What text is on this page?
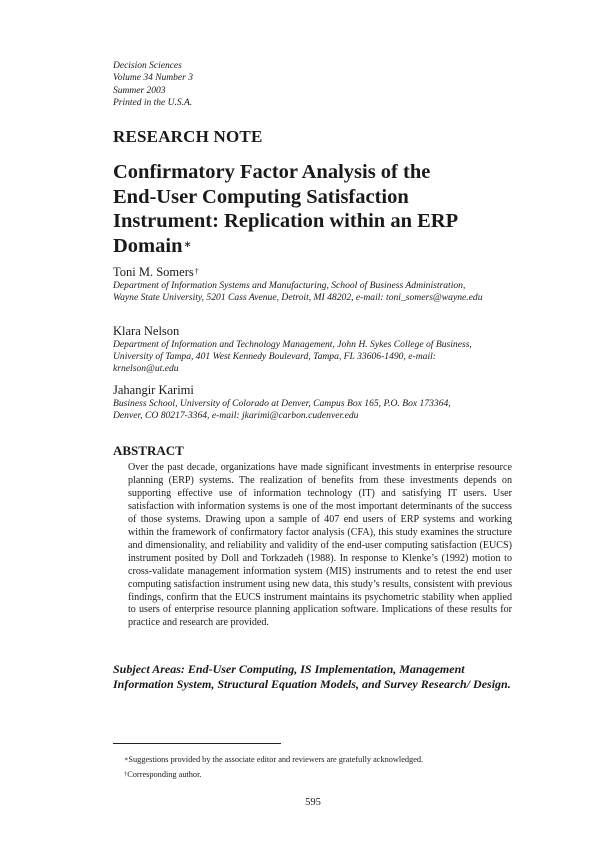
Decision Sciences
Volume 34 Number 3
Summer 2003
Printed in the U.S.A.
RESEARCH NOTE
Confirmatory Factor Analysis of the
End-User Computing Satisfaction
Instrument: Replication within an ERP
Domain∗
Toni M. Somers†
Department of Information Systems and Manufacturing, School of Business Administration,
Wayne State University, 5201 Cass Avenue, Detroit, MI 48202, e-mail: toni_somers@wayne.edu
Klara Nelson
Department of Information and Technology Management, John H. Sykes College of Business,
University of Tampa, 401 West Kennedy Boulevard, Tampa, FL 33606-1490, e-mail:
krnelson@ut.edu
Jahangir Karimi
Business School, University of Colorado at Denver, Campus Box 165, P.O. Box 173364,
Denver, CO 80217-3364, e-mail: jkarimi@carbon.cudenver.edu
ABSTRACT
Over the past decade, organizations have made significant investments in enterprise resource planning (ERP) systems. The realization of benefits from these investments depends on supporting effective use of information technology (IT) and satisfying IT users. User satisfaction with information systems is one of the most important determinants of the success of those systems. Drawing upon a sample of 407 end users of ERP systems and working within the framework of confirmatory factor analysis (CFA), this study examines the structure and dimensionality, and reliability and validity of the end-user computing satisfaction (EUCS) instrument posited by Doll and Torkzadeh (1988). In response to Klenke’s (1992) motion to cross-validate management information system (MIS) instruments and to retest the end user computing satisfaction instrument using new data, this study’s results, consistent with previous findings, confirm that the EUCS instrument maintains its psychometric stability when applied to users of enterprise resource planning application software. Implications of these results for practice and research are provided.
Subject Areas: End-User Computing, IS Implementation, Management Information System, Structural Equation Models, and Survey Research/ Design.
∗Suggestions provided by the associate editor and reviewers are gratefully acknowledged.
†Corresponding author.
595
